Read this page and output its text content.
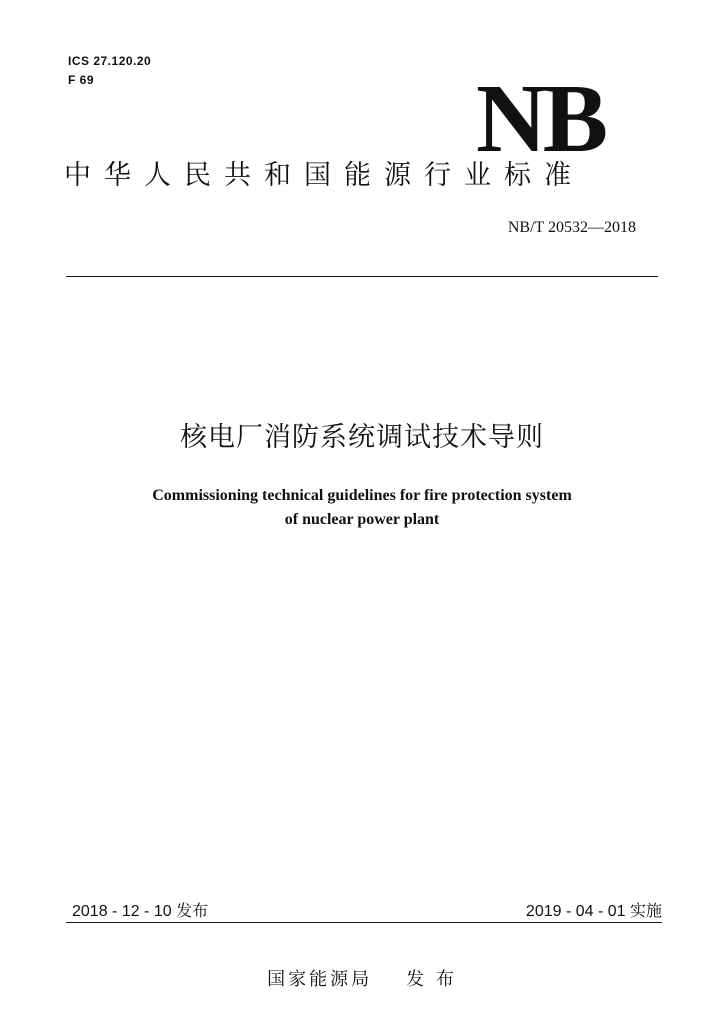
ICS 27.120.20
F 69	NB
中华人民共和国能源行业标准
NB/T 20532—2018
核电厂消防系统调试技术导则
Commissioning technical guidelines for fire protection system
of nuclear power plant
2018 - 12 - 10 发布	2019 - 04 - 01 实施
国家能源局 发 布
